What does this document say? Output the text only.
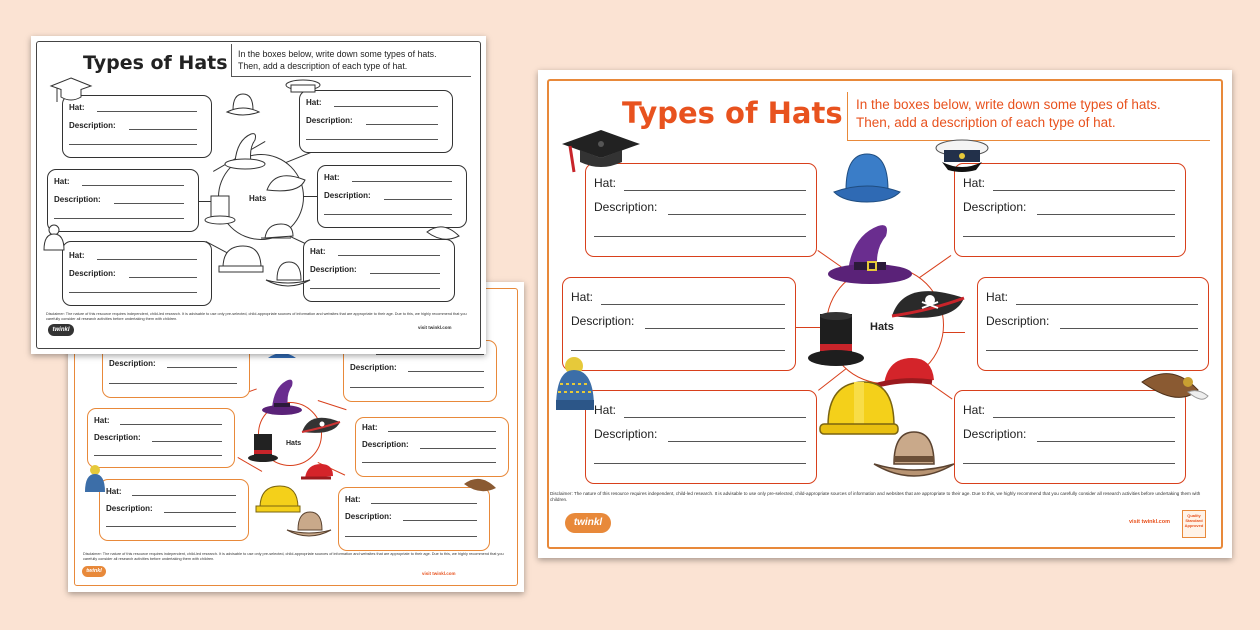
Types of Hats In the boxes below, write down some types of hats.
Then, add a description of each type of hat.
Hats
Hat:
Description:
Hat:
Description:
Hat:
Description:
Hat:
Description:
Hat:
Description:
Hat:
Description:
Disclaimer: The nature of this resource requires independent, child-led research. It is advisable to use only pre-selected, child-appropriate sources of information and websites that are appropriate to their age. Due to this, we highly recommend that you carefully consider all research activities before undertaking them with children.
twinkl	visit twinkl.com
Hats
Description:	Description:
Hat:
Description:
Hat:
Description:
Hat:
Description:
Hat:
Description:
Disclaimer: The nature of this resource requires independent, child-led research. It is advisable to use only pre-selected, child-appropriate sources of information and websites that are appropriate to their age. Due to this, we highly recommend that you carefully consider all research activities before undertaking them with children.
twinkl	visit twinkl.com
Types of Hats In the boxes below, write down some types of hats.
Then, add a description of each type of hat.
Hats
Hat:
Description:
Hat:
Description:
Hat:
Description:
Hat:
Description:
Hat:
Description:
Hat:
Description:
Disclaimer: The nature of this resource requires independent, child-led research. It is advisable to use only pre-selected, child-appropriate sources of information and websites that are appropriate to their age. Due to this, we highly recommend that you carefully consider all research activities before undertaking them with children.
twinkl	visit twinkl.com
Quality Standard Approved
